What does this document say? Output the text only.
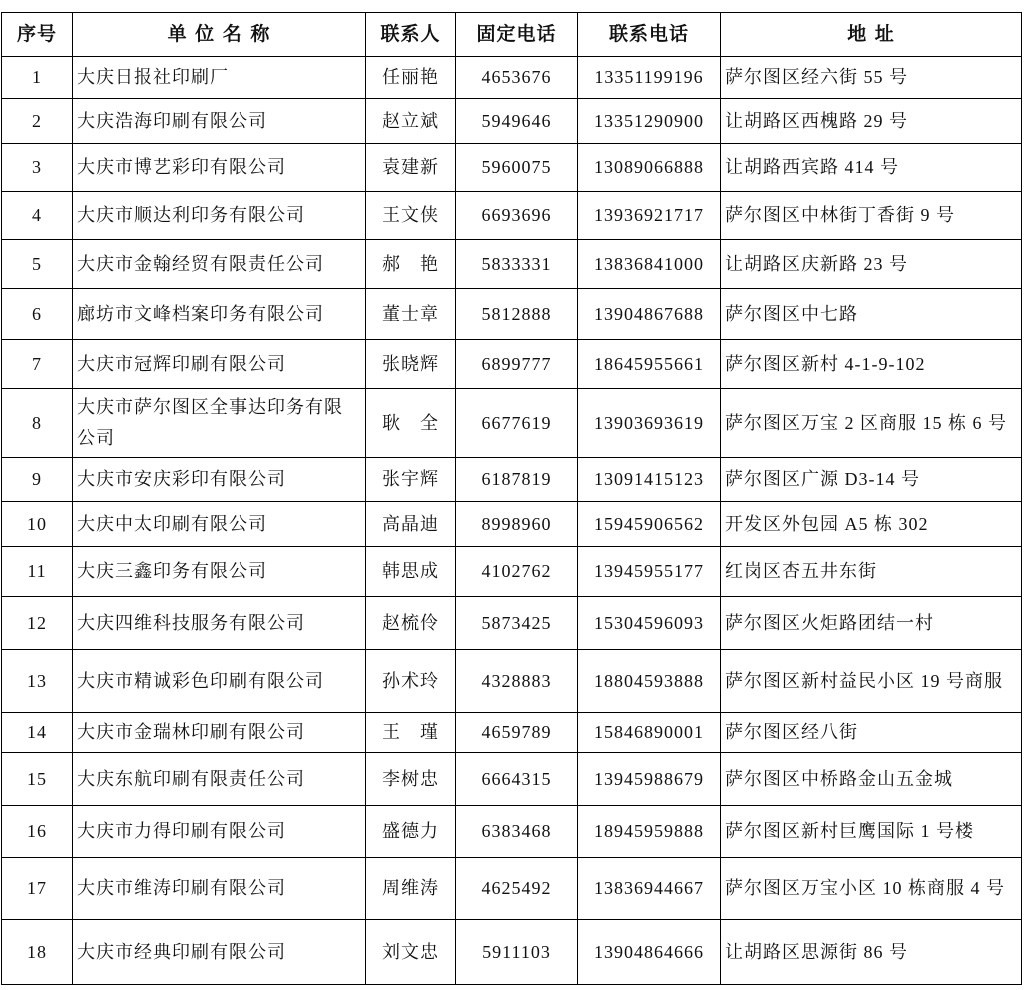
序号	单 位 名 称	联系人	固定电话	联系电话	地 址
1	大庆日报社印刷厂	任丽艳	4653676	13351199196	萨尔图区经六街 55 号
2	大庆浩海印刷有限公司	赵立斌	5949646	13351290900	让胡路区西槐路 29 号
3	大庆市博艺彩印有限公司	袁建新	5960075	13089066888	让胡路西宾路 414 号
4	大庆市顺达利印务有限公司	王文侠	6693696	13936921717	萨尔图区中林街丁香街 9 号
5	大庆市金翰经贸有限责任公司	郝　艳	5833331	13836841000	让胡路区庆新路 23 号
6	廊坊市文峰档案印务有限公司	董士章	5812888	13904867688	萨尔图区中七路
7	大庆市冠辉印刷有限公司	张晓辉	6899777	18645955661	萨尔图区新村 4-1-9-102
8	大庆市萨尔图区全事达印务有限公司	耿　全	6677619	13903693619	萨尔图区万宝 2 区商服 15 栋 6 号
9	大庆市安庆彩印有限公司	张宇辉	6187819	13091415123	萨尔图区广源 D3-14 号
10	大庆中太印刷有限公司	高晶迪	8998960	15945906562	开发区外包园 A5 栋 302
11	大庆三鑫印务有限公司	韩思成	4102762	13945955177	红岗区杏五井东街
12	大庆四维科技服务有限公司	赵梳伶	5873425	15304596093	萨尔图区火炬路团结一村
13	大庆市精诚彩色印刷有限公司	孙术玲	4328883	18804593888	萨尔图区新村益民小区 19 号商服
14	大庆市金瑞林印刷有限公司	王　瑾	4659789	15846890001	萨尔图区经八街
15	大庆东航印刷有限责任公司	李树忠	6664315	13945988679	萨尔图区中桥路金山五金城
16	大庆市力得印刷有限公司	盛德力	6383468	18945959888	萨尔图区新村巨鹰国际 1 号楼
17	大庆市维涛印刷有限公司	周维涛	4625492	13836944667	萨尔图区万宝小区 10 栋商服 4 号
18	大庆市经典印刷有限公司	刘文忠	5911103	13904864666	让胡路区思源街 86 号
